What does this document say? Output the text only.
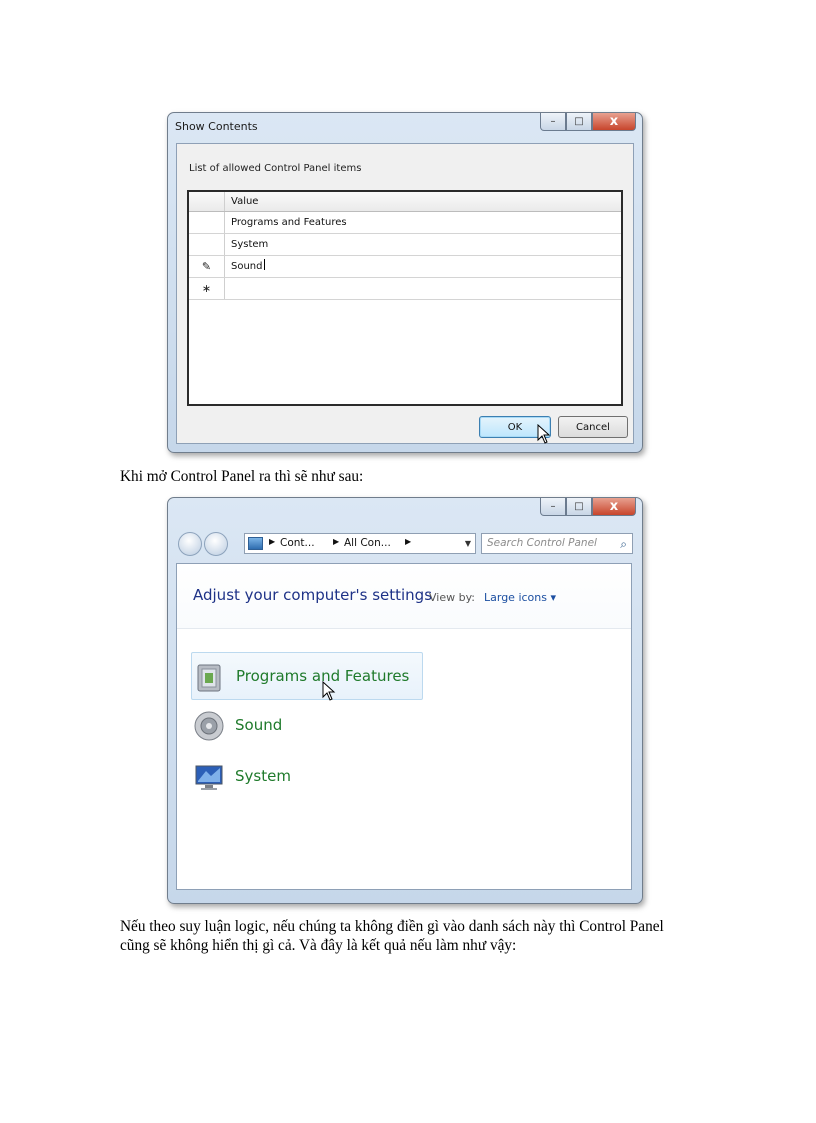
Show Contents	– □ x
List of allowed Control Panel items
Value
Programs and Features
System
✎	Sound
∗
OK	Cancel
Khi mở Control Panel ra thì sẽ như sau:
– □ x
▶ Cont... ▶ All Con... ▶	▼ Search Control Panel ⌕
Adjust your computer's settings
View by: Large icons ▾
Programs and Features
Sound
System
Nếu theo suy luận logic, nếu chúng ta không điền gì vào danh sách này thì Control Panel
cũng sẽ không hiển thị gì cả. Và đây là kết quả nếu làm như vậy:
